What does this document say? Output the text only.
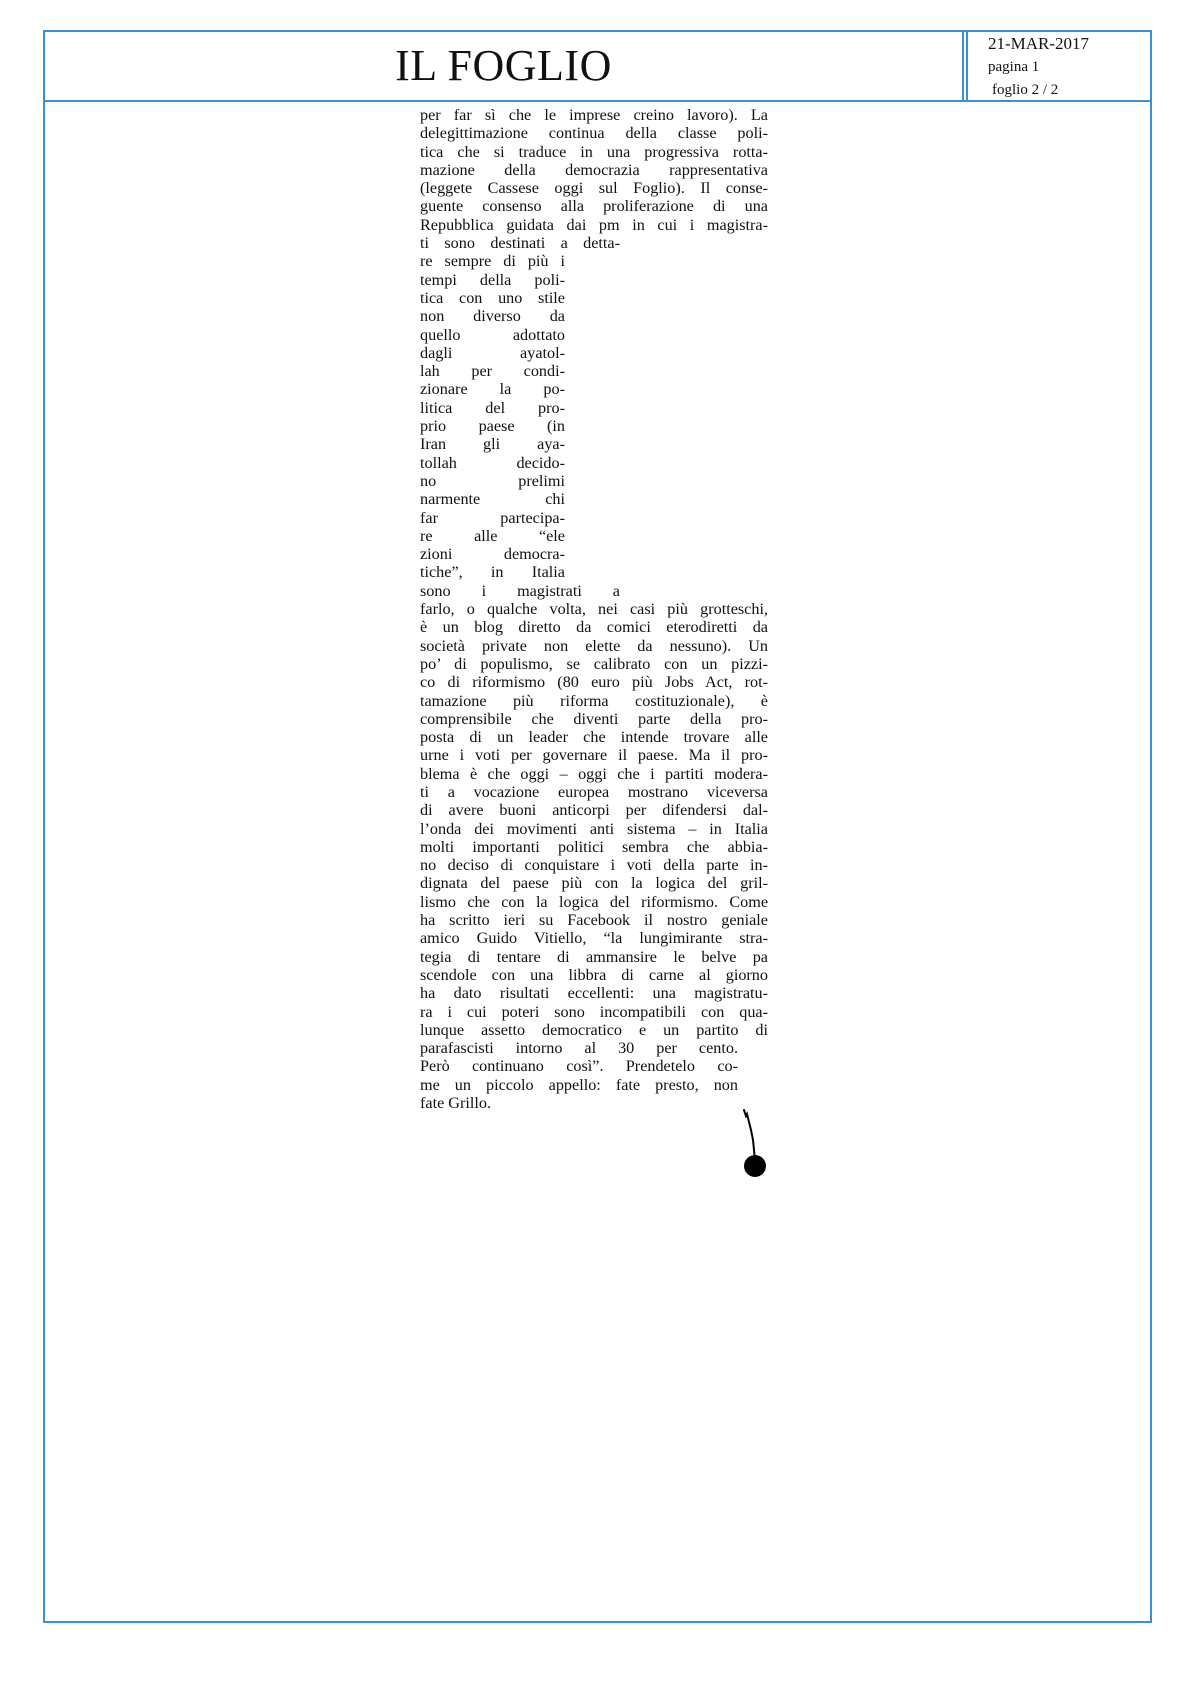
IL FOGLIO	21-MAR-2017
pagina 1
foglio 2 / 2
per far sì che le imprese creino lavoro). La
delegittimazione continua della classe poli-
tica che si traduce in una progressiva rotta-
mazione della democrazia rappresentativa
(leggete Cassese oggi sul Foglio). Il conse-
guente consenso alla proliferazione di una
Repubblica guidata dai pm in cui i magistra-
ti sono destinati a detta-
re sempre di più i
tempi della poli-
tica con uno stile
non diverso da
quello adottato
dagli ayatol-
lah per condi-
zionare la po-
litica del pro-
prio paese (in
Iran gli aya-
tollah decido-
no prelimi
narmente chi
far partecipa-
re alle “ele
zioni democra-
tiche”, in Italia
sono i magistrati a
farlo, o qualche volta, nei casi più grotteschi,
è un blog diretto da comici eterodiretti da
società private non elette da nessuno). Un
po’ di populismo, se calibrato con un pizzi-
co di riformismo (80 euro più Jobs Act, rot-
tamazione più riforma costituzionale), è
comprensibile che diventi parte della pro-
posta di un leader che intende trovare alle
urne i voti per governare il paese. Ma il pro-
blema è che oggi – oggi che i partiti modera-
ti a vocazione europea mostrano viceversa
di avere buoni anticorpi per difendersi dal-
l’onda dei movimenti anti sistema – in Italia
molti importanti politici sembra che abbia-
no deciso di conquistare i voti della parte in-
dignata del paese più con la logica del gril-
lismo che con la logica del riformismo. Come
ha scritto ieri su Facebook il nostro geniale
amico Guido Vitiello, “la lungimirante stra-
tegia di tentare di ammansire le belve pa
scendole con una libbra di carne al giorno
ha dato risultati eccellenti: una magistratu-
ra i cui poteri sono incompatibili con qua-
lunque assetto democratico e un partito di
parafascisti intorno al 30 per cento.
Però continuano così”. Prendetelo co-
me un piccolo appello: fate presto, non
fate Grillo.
